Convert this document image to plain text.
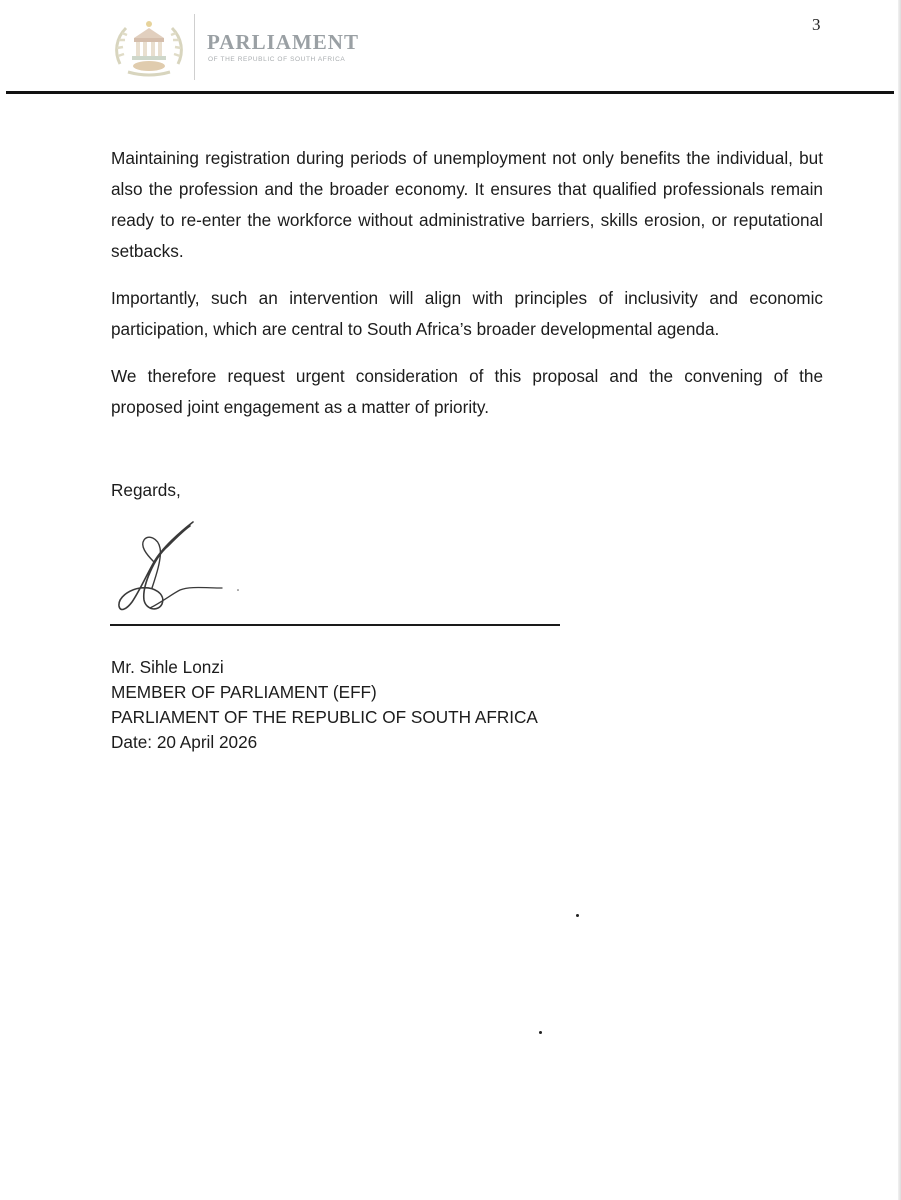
PARLIAMENT
OF THE REPUBLIC OF SOUTH AFRICA
3

Maintaining registration during periods of unemployment not only benefits the individual, but also the profession and the broader economy. It ensures that qualified professionals remain ready to re-enter the workforce without administrative barriers, skills erosion, or reputational setbacks.

Importantly, such an intervention will align with principles of inclusivity and economic participation, which are central to South Africa’s broader developmental agenda.

We therefore request urgent consideration of this proposal and the convening of the proposed joint engagement as a matter of priority.

Regards,
Mr. Sihle Lonzi
MEMBER OF PARLIAMENT (EFF)
PARLIAMENT OF THE REPUBLIC OF SOUTH AFRICA
Date: 20 April 2026
